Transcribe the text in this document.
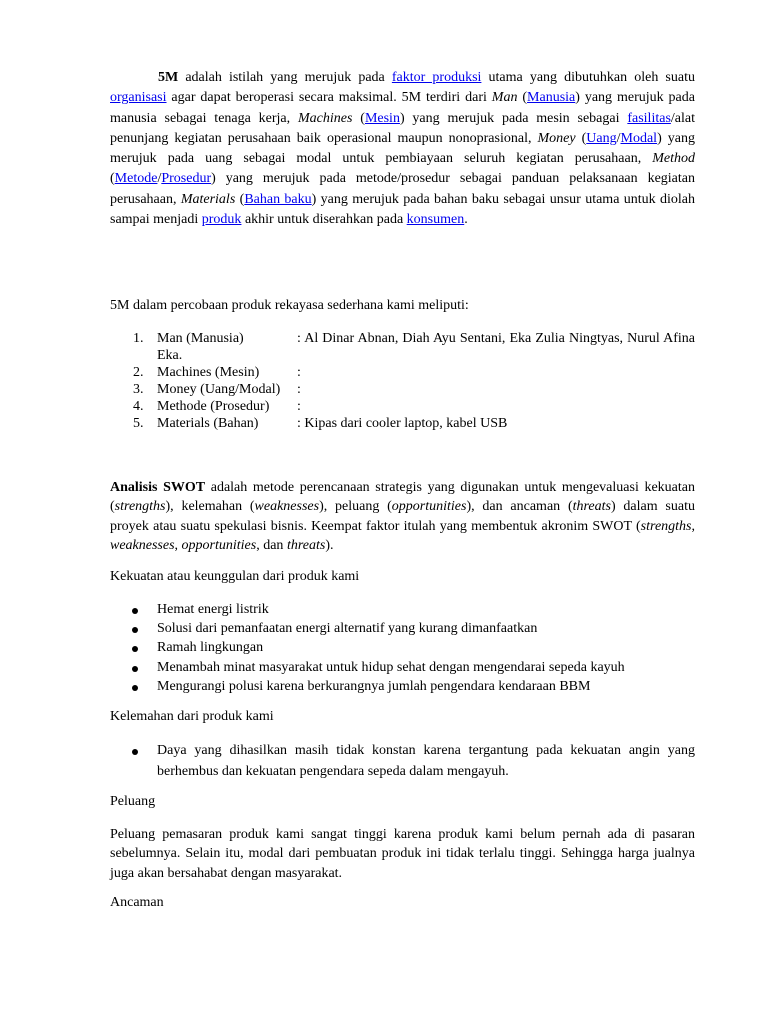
5M adalah istilah yang merujuk pada faktor produksi utama yang dibutuhkan oleh suatu organisasi agar dapat beroperasi secara maksimal. 5M terdiri dari Man (Manusia) yang merujuk pada manusia sebagai tenaga kerja, Machines (Mesin) yang merujuk pada mesin sebagai fasilitas/alat penunjang kegiatan perusahaan baik operasional maupun nonoprasional, Money (Uang/Modal) yang merujuk pada uang sebagai modal untuk pembiayaan seluruh kegiatan perusahaan, Method (Metode/Prosedur) yang merujuk pada metode/prosedur sebagai panduan pelaksanaan kegiatan perusahaan, Materials (Bahan baku) yang merujuk pada bahan baku sebagai unsur utama untuk diolah sampai menjadi produk akhir untuk diserahkan pada konsumen.

5M dalam percobaan produk rekayasa sederhana kami meliputi:
1. Man (Manusia)	: Al Dinar Abnan, Diah Ayu Sentani, Eka Zulia Ningtyas, Nurul Afina Eka.
2. Machines (Mesin)	:
3. Money (Uang/Modal) :
4. Methode (Prosedur) :
5. Materials (Bahan)	: Kipas dari cooler laptop, kabel USB

Analisis SWOT adalah metode perencanaan strategis yang digunakan untuk mengevaluasi kekuatan (strengths), kelemahan (weaknesses), peluang (opportunities), dan ancaman (threats) dalam suatu proyek atau suatu spekulasi bisnis. Keempat faktor itulah yang membentuk akronim SWOT (strengths, weaknesses, opportunities, dan threats).

Kekuatan atau keunggulan dari produk kami
Hemat energi listrik
Solusi dari pemanfaatan energi alternatif yang kurang dimanfaatkan
Ramah lingkungan
Menambah minat masyarakat untuk hidup sehat dengan mengendarai sepeda kayuh
Mengurangi polusi karena berkurangnya jumlah pengendara kendaraan BBM
Kelemahan dari produk kami
Daya yang dihasilkan masih tidak konstan karena tergantung pada kekuatan angin yang berhembus dan kekuatan pengendara sepeda dalam mengayuh.
Peluang

Peluang pemasaran produk kami sangat tinggi karena produk kami belum pernah ada di pasaran sebelumnya. Selain itu, modal dari pembuatan produk ini tidak terlalu tinggi. Sehingga harga jualnya juga akan bersahabat dengan masyarakat.

Ancaman
